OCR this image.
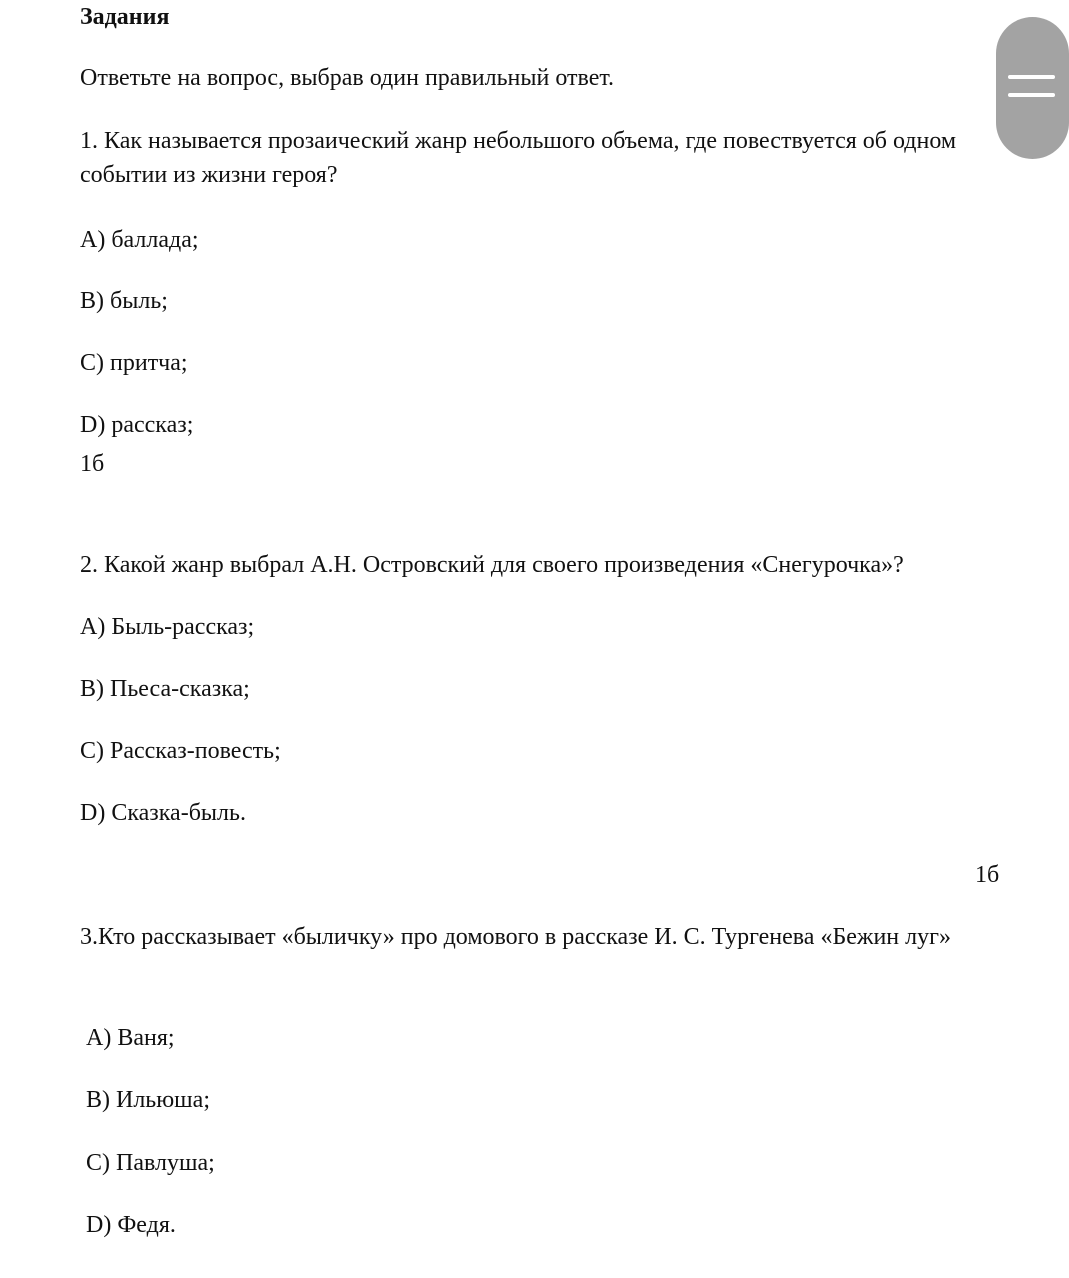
Задания
Ответьте на вопрос, выбрав один правильный ответ.
1. Как называется прозаический жанр небольшого объема, где повествуется об одном событии из жизни героя?
А) баллада;
В) быль;
С) притча;
D) рассказ;
1б
2. Какой жанр выбрал А.Н. Островский для своего произведения «Снегурочка»?
А) Быль-рассказ;
В) Пьеса-сказка;
С) Рассказ-повесть;
D) Сказка-быль.
1б
3.Кто рассказывает «быличку» про домового в рассказе И. С. Тургенева «Бежин луг»
А) Ваня;
В) Ильюша;
С) Павлуша;
D) Федя.
